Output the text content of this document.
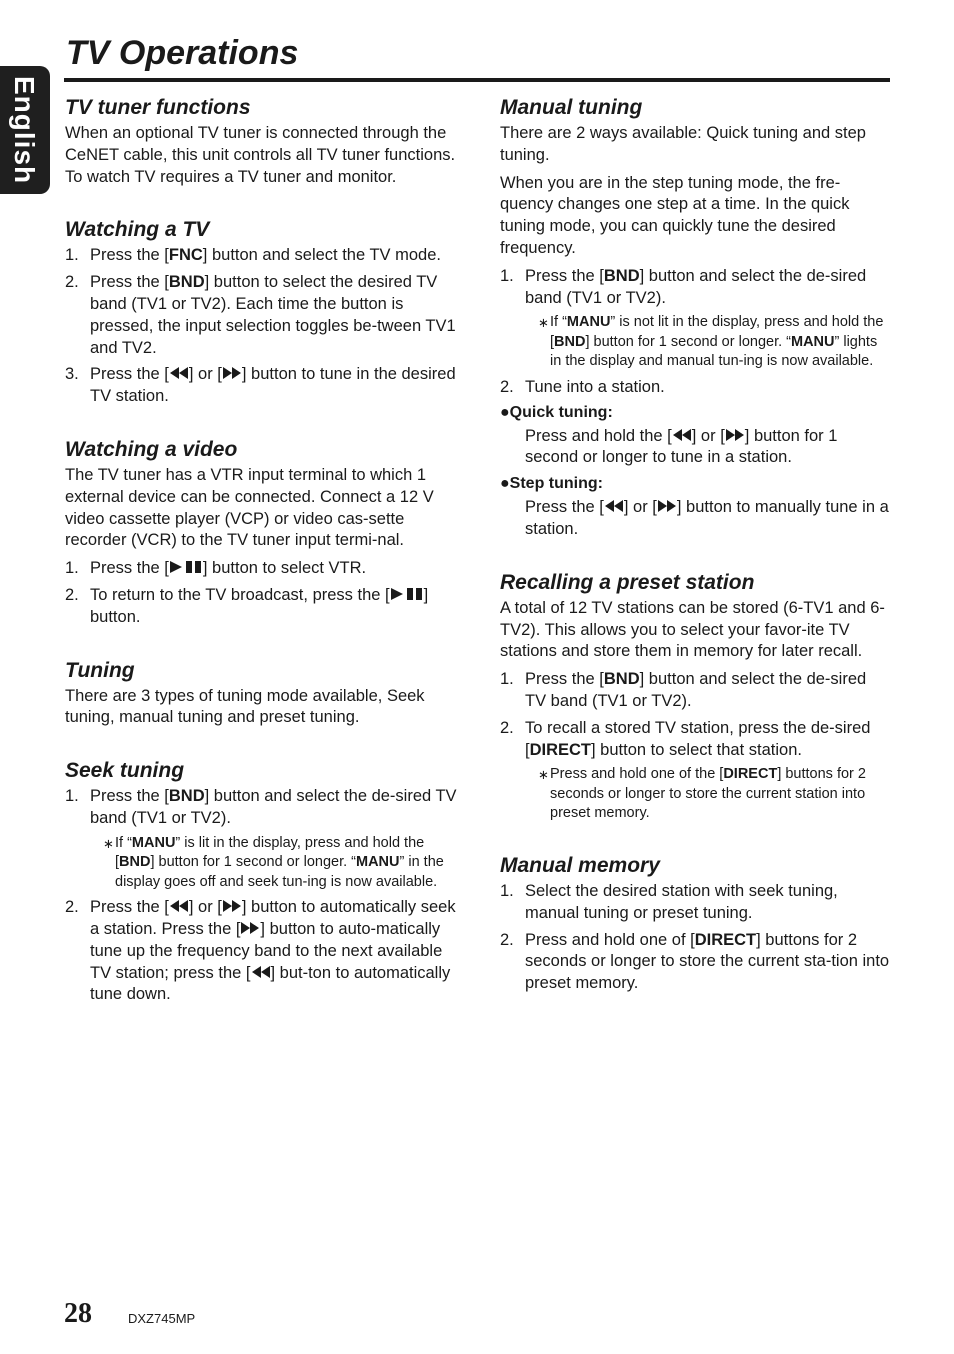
English
TV Operations
TV tuner functions

When an optional TV tuner is connected through the CeNET cable, this unit controls all TV tuner functions. To watch TV requires a TV tuner and monitor.

Watching a TV
1. Press the [FNC] button and select the TV mode.
2. Press the [BND] button to select the desired TV band (TV1 or TV2). Each time the button is pressed, the input selection toggles be-tween TV1 and TV2.
3. Press the [ ] or [ ] button to tune in the desired TV station.
Watching a video

The TV tuner has a VTR input terminal to which 1 external device can be connected. Connect a 12 V video cassette player (VCP) or video cas-sette recorder (VCR) to the TV tuner input termi-nal.

1. Press the [ ] button to select VTR.
2. To return to the TV broadcast, press the [ ] button.
Tuning

There are 3 types of tuning mode available, Seek tuning, manual tuning and preset tuning.

Seek tuning
1. Press the [BND] button and select the de-sired TV band (TV1 or TV2).
∗ If “MANU” is lit in the display, press and hold the [BND] button for 1 second or longer. “MANU” in the display goes off and seek tun-ing is now available.
2. Press the [ ] or [ ] button to automatically seek a station. Press the [ ] button to auto-matically tune up the frequency band to the next available TV station; press the [ ] but-ton to automatically tune down.
Manual tuning

There are 2 ways available: Quick tuning and step tuning.

When you are in the step tuning mode, the fre-quency changes one step at a time. In the quick tuning mode, you can quickly tune the desired frequency.

1. Press the [BND] button and select the de-sired band (TV1 or TV2).
∗ If “MANU” is not lit in the display, press and hold the [BND] button for 1 second or longer. “MANU” lights in the display and manual tun-ing is now available.
2. Tune into a station.
●Quick tuning:
Press and hold the [ ] or [ ] button for 1 second or longer to tune in a station.
●Step tuning:
Press the [ ] or [ ] button to manually tune in a station.
Recalling a preset station

A total of 12 TV stations can be stored (6-TV1 and 6-TV2). This allows you to select your favor-ite TV stations and store them in memory for later recall.

1. Press the [BND] button and select the de-sired TV band (TV1 or TV2).
2. To recall a stored TV station, press the de-sired [DIRECT] button to select that station.
∗ Press and hold one of the [DIRECT] buttons for 2 seconds or longer to store the current station into preset memory.
Manual memory
1. Select the desired station with seek tuning, manual tuning or preset tuning.
2. Press and hold one of [DIRECT] buttons for 2 seconds or longer to store the current sta-tion into preset memory.
28	DXZ745MP
